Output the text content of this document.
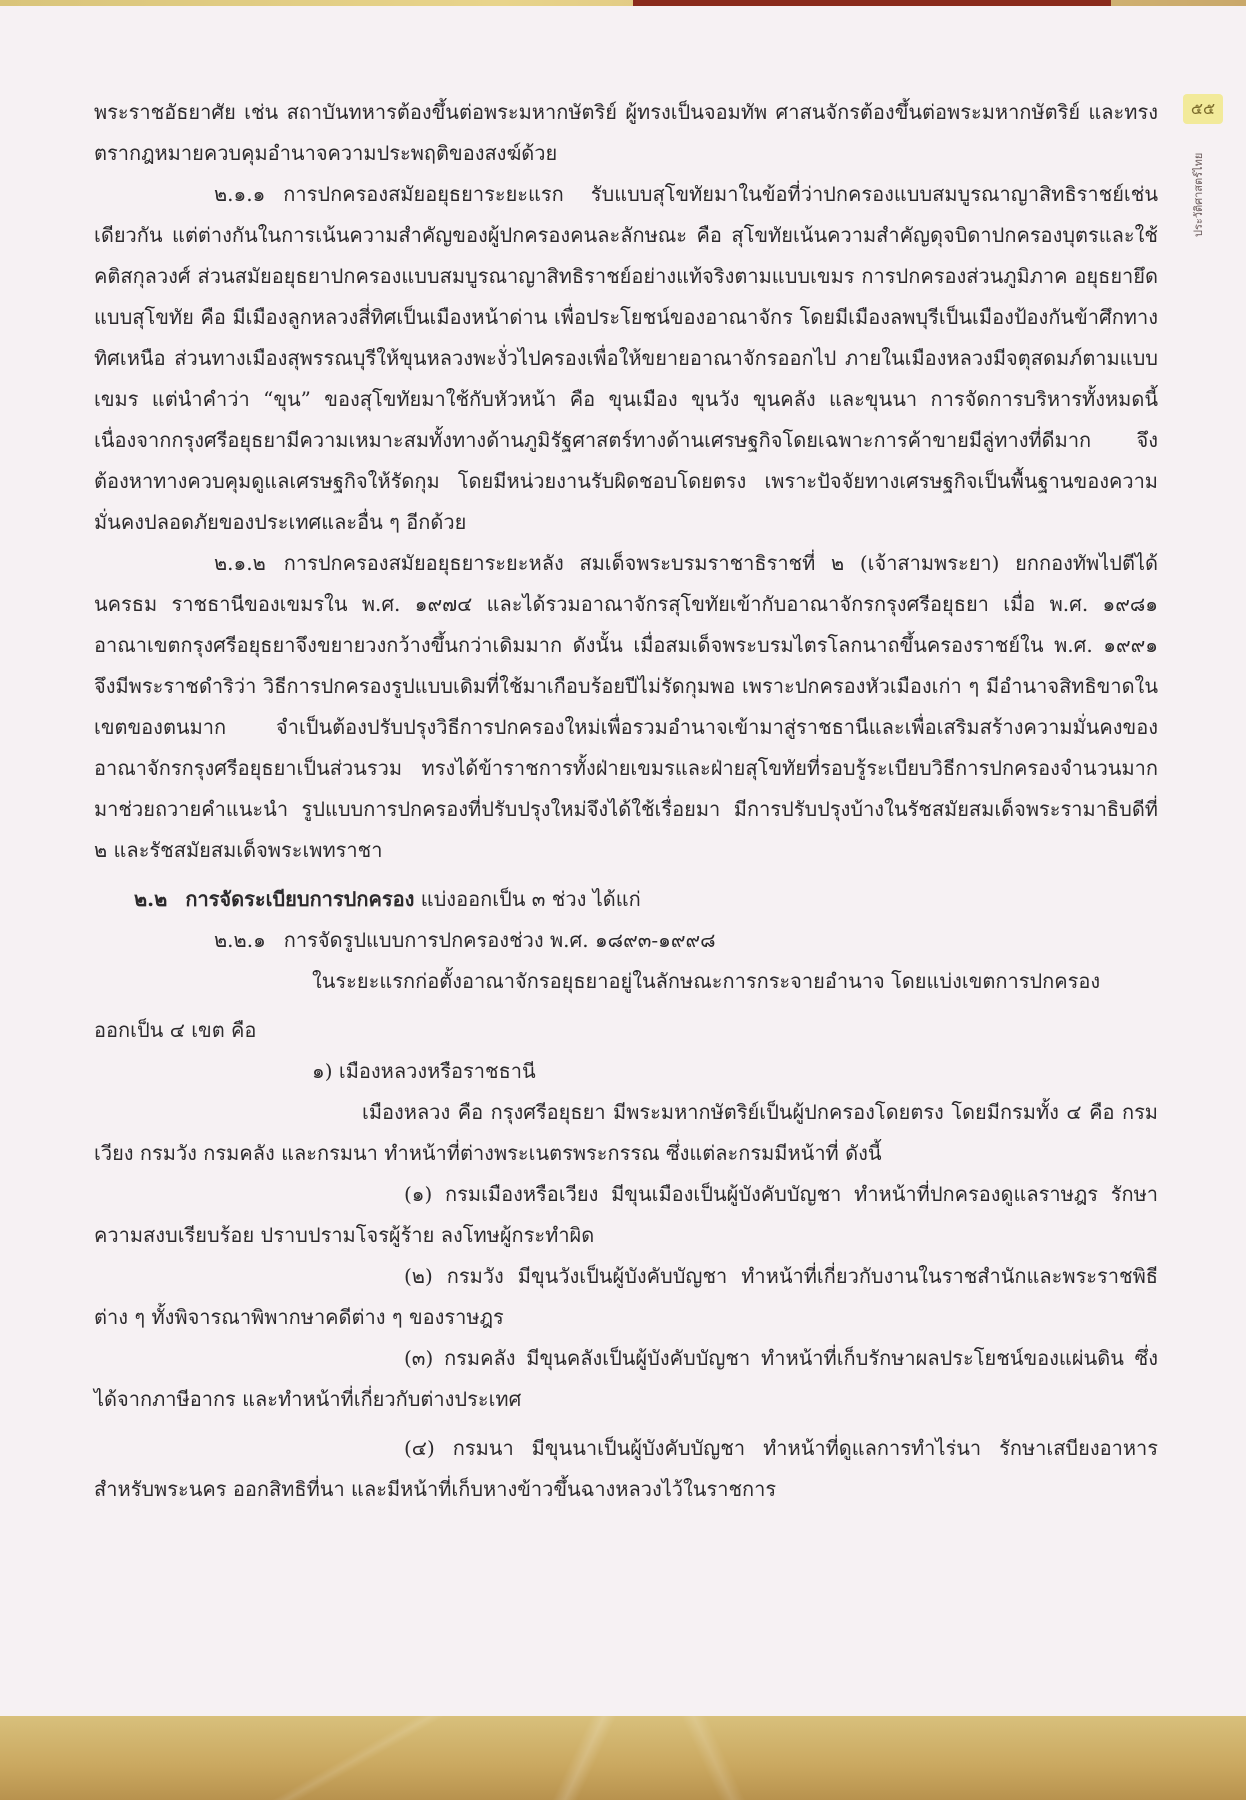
๕๕
ประวัติศาสตร์ไทย

พระราชอัธยาศัย เช่น สถาบันทหารต้องขึ้นต่อพระมหากษัตริย์ ผู้ทรงเป็นจอมทัพ ศาสนจักรต้องขึ้นต่อพระมหากษัตริย์ และทรงตรากฎหมายควบคุมอำนาจความประพฤติของสงฆ์ด้วย

๒.๑.๑ การปกครองสมัยอยุธยาระยะแรก รับแบบสุโขทัยมาในข้อที่ว่าปกครองแบบสมบูรณาญาสิทธิราชย์เช่นเดียวกัน แต่ต่างกันในการเน้นความสำคัญของผู้ปกครองคนละลักษณะ คือ สุโขทัยเน้นความสำคัญดุจบิดาปกครองบุตรและใช้คติสกุลวงศ์ ส่วนสมัยอยุธยาปกครองแบบสมบูรณาญาสิทธิราชย์อย่างแท้จริงตามแบบเขมร การปกครองส่วนภูมิภาค อยุธยายึดแบบสุโขทัย คือ มีเมืองลูกหลวงสี่ทิศเป็นเมืองหน้าด่าน เพื่อประโยชน์ของอาณาจักร โดยมีเมืองลพบุรีเป็นเมืองป้องกันข้าศึกทางทิศเหนือ ส่วนทางเมืองสุพรรณบุรีให้ขุนหลวงพะงั่วไปครองเพื่อให้ขยายอาณาจักรออกไป ภายในเมืองหลวงมีจตุสดมภ์ตามแบบเขมร แต่นำคำว่า “ขุน” ของสุโขทัยมาใช้กับหัวหน้า คือ ขุนเมือง ขุนวัง ขุนคลัง และขุนนา การจัดการบริหารทั้งหมดนี้ เนื่องจากกรุงศรีอยุธยามีความเหมาะสมทั้งทางด้านภูมิรัฐศาสตร์ทางด้านเศรษฐกิจโดยเฉพาะการค้าขายมีลู่ทางที่ดีมาก จึงต้องหาทางควบคุมดูแลเศรษฐกิจให้รัดกุม โดยมีหน่วยงานรับผิดชอบโดยตรง เพราะปัจจัยทางเศรษฐกิจเป็นพื้นฐานของความมั่นคงปลอดภัยของประเทศและอื่น ๆ อีกด้วย

๒.๑.๒ การปกครองสมัยอยุธยาระยะหลัง สมเด็จพระบรมราชาธิราชที่ ๒ (เจ้าสามพระยา) ยกกองทัพไปตีได้นครธม ราชธานีของเขมรใน พ.ศ. ๑๙๗๔ และได้รวมอาณาจักรสุโขทัยเข้ากับอาณาจักรกรุงศรีอยุธยา เมื่อ พ.ศ. ๑๙๘๑ อาณาเขตกรุงศรีอยุธยาจึงขยายวงกว้างขึ้นกว่าเดิมมาก ดังนั้น เมื่อสมเด็จพระบรมไตรโลกนาถขึ้นครองราชย์ใน พ.ศ. ๑๙๙๑ จึงมีพระราชดำริว่า วิธีการปกครองรูปแบบเดิมที่ใช้มาเกือบร้อยปีไม่รัดกุมพอ เพราะปกครองหัวเมืองเก่า ๆ มีอำนาจสิทธิขาดในเขตของตนมาก จำเป็นต้องปรับปรุงวิธีการปกครองใหม่เพื่อรวมอำนาจเข้ามาสู่ราชธานีและเพื่อเสริมสร้างความมั่นคงของอาณาจักรกรุงศรีอยุธยาเป็นส่วนรวม ทรงได้ข้าราชการทั้งฝ่ายเขมรและฝ่ายสุโขทัยที่รอบรู้ระเบียบวิธีการปกครองจำนวนมากมาช่วยถวายคำแนะนำ รูปแบบการปกครองที่ปรับปรุงใหม่จึงได้ใช้เรื่อยมา มีการปรับปรุงบ้างในรัชสมัยสมเด็จพระรามาธิบดีที่ ๒ และรัชสมัยสมเด็จพระเพทราชา

๒.๒ การจัดระเบียบการปกครอง แบ่งออกเป็น ๓ ช่วง ได้แก่

๒.๒.๑ การจัดรูปแบบการปกครองช่วง พ.ศ. ๑๘๙๓-๑๙๙๘

ในระยะแรกก่อตั้งอาณาจักรอยุธยาอยู่ในลักษณะการกระจายอำนาจ โดยแบ่งเขตการปกครอง

ออกเป็น ๔ เขต คือ

๑) เมืองหลวงหรือราชธานี

เมืองหลวง คือ กรุงศรีอยุธยา มีพระมหากษัตริย์เป็นผู้ปกครองโดยตรง โดยมีกรมทั้ง ๔ คือ กรมเวียง กรมวัง กรมคลัง และกรมนา ทำหน้าที่ต่างพระเนตรพระกรรณ ซึ่งแต่ละกรมมีหน้าที่ ดังนี้

(๑) กรมเมืองหรือเวียง มีขุนเมืองเป็นผู้บังคับบัญชา ทำหน้าที่ปกครองดูแลราษฎร รักษาความสงบเรียบร้อย ปราบปรามโจรผู้ร้าย ลงโทษผู้กระทำผิด

(๒) กรมวัง มีขุนวังเป็นผู้บังคับบัญชา ทำหน้าที่เกี่ยวกับงานในราชสำนักและพระราชพิธีต่าง ๆ ทั้งพิจารณาพิพากษาคดีต่าง ๆ ของราษฎร

(๓) กรมคลัง มีขุนคลังเป็นผู้บังคับบัญชา ทำหน้าที่เก็บรักษาผลประโยชน์ของแผ่นดิน ซึ่งได้จากภาษีอากร และทำหน้าที่เกี่ยวกับต่างประเทศ

(๔) กรมนา มีขุนนาเป็นผู้บังคับบัญชา ทำหน้าที่ดูแลการทำไร่นา รักษาเสบียงอาหารสำหรับพระนคร ออกสิทธิที่นา และมีหน้าที่เก็บหางข้าวขึ้นฉางหลวงไว้ในราชการ
